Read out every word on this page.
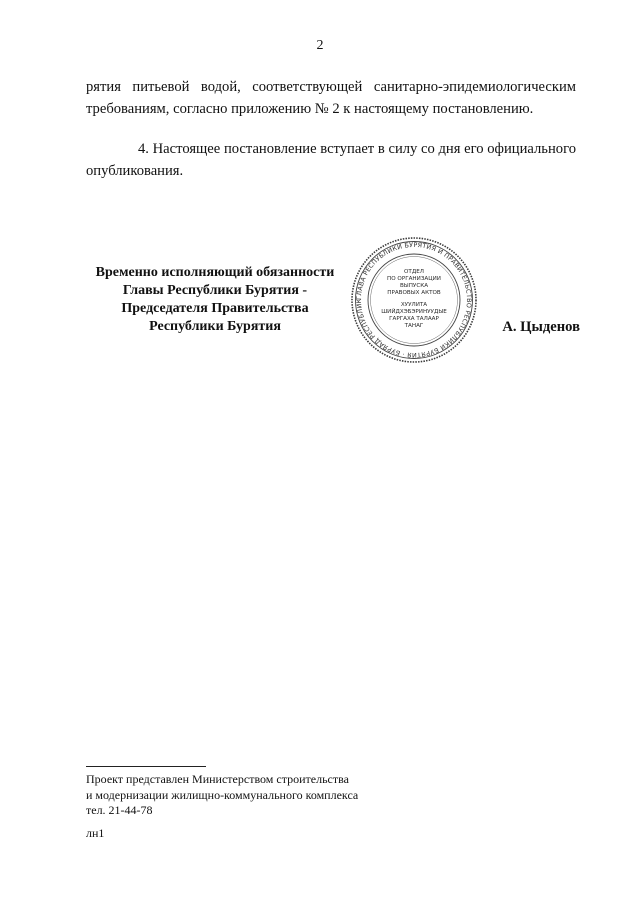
2
рятия питьевой водой, соответствующей санитарно-эпидемиологическим требованиям, согласно приложению № 2 к настоящему постановлению.
4. Настоящее постановление вступает в силу со дня его официального опубликования.
Временно исполняющий обязанности
Главы Республики Бурятия -
Председателя Правительства
Республики Бурятия
ГЛАВА РЕСПУБЛИКИ БУРЯТИЯ И ПРАВИТЕЛЬСТВО РЕСПУБЛИКИ БУРЯТИЯ · БУРЯАД РЕСПУБЛИК
ОТДЕЛ
ПО ОРГАНИЗАЦИИ
ВЫПУСКА
ПРАВОВЫХ АКТОВ
ХУУЛИТА
ШИЙДХЭБЭРИНУУДЫЕ
ГАРГАХА ТАЛААР
ТАНАГ	А. Цыденов
Проект представлен Министерством строительства
и модернизации жилищно-коммунального комплекса
тел. 21-44-78
лн1
